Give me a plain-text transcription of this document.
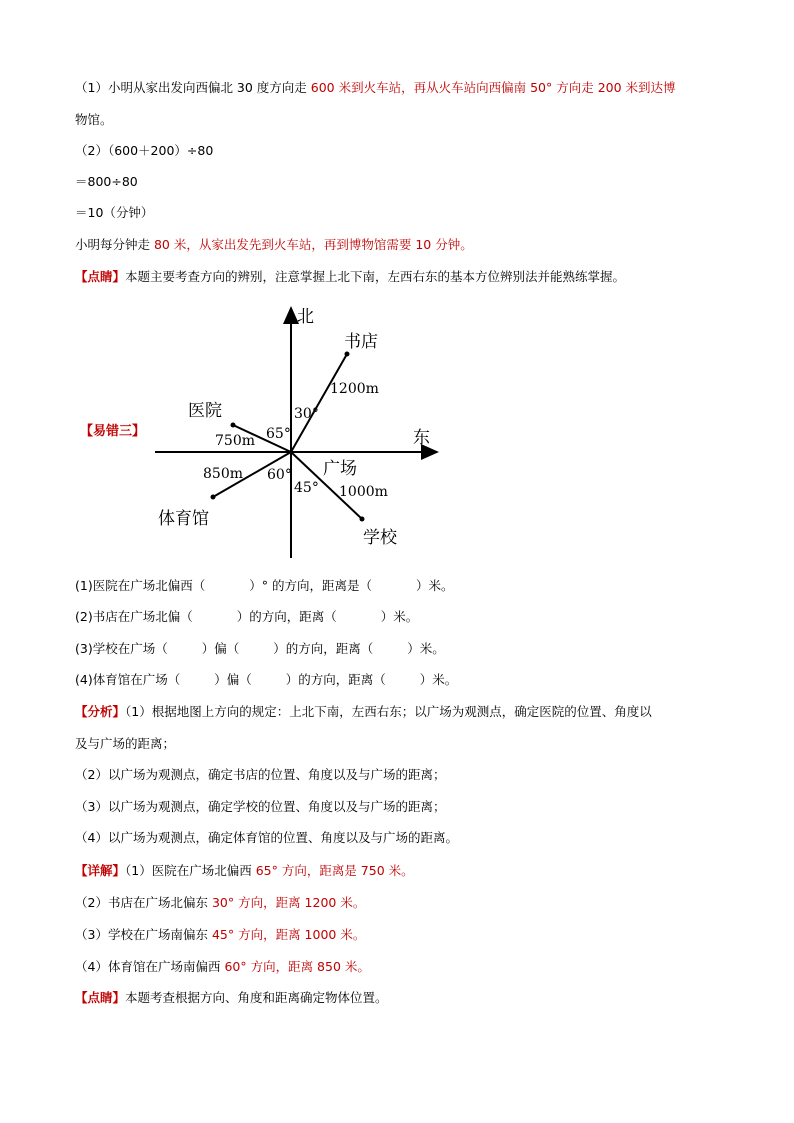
（1）小明从家出发向西偏北 30 度方向走 600 米到火车站，再从火车站向西偏南 50° 方向走 200 米到达博
物馆。
（2）（600＋200）÷80
＝800÷80
＝10（分钟）
小明每分钟走 80 米，从家出发先到火车站，再到博物馆需要 10 分钟。
【点睛】本题主要考查方向的辨别，注意掌握上北下南，左西右东的基本方位辨别法并能熟练掌握。
【易错三】
北
东
书店
医院
广场
体育馆
学校
1200m
750m
850m
1000m
30°
65°
60°
45°
(1)医院在广场北偏西（	）° 的方向，距离是（	）米。
(2)书店在广场北偏（	）的方向，距离（	）米。
(3)学校在广场（	）偏（	）的方向，距离（	）米。
(4)体育馆在广场（	）偏（	）的方向，距离（	）米。
【分析】（1）根据地图上方向的规定：上北下南，左西右东；以广场为观测点，确定医院的位置、角度以
及与广场的距离；
（2）以广场为观测点，确定书店的位置、角度以及与广场的距离；
（3）以广场为观测点，确定学校的位置、角度以及与广场的距离；
（4）以广场为观测点，确定体育馆的位置、角度以及与广场的距离。
【详解】（1）医院在广场北偏西 65° 方向，距离是 750 米。
（2）书店在广场北偏东 30° 方向，距离 1200 米。
（3）学校在广场南偏东 45° 方向，距离 1000 米。
（4）体育馆在广场南偏西 60° 方向，距离 850 米。
【点睛】本题考查根据方向、角度和距离确定物体位置。
